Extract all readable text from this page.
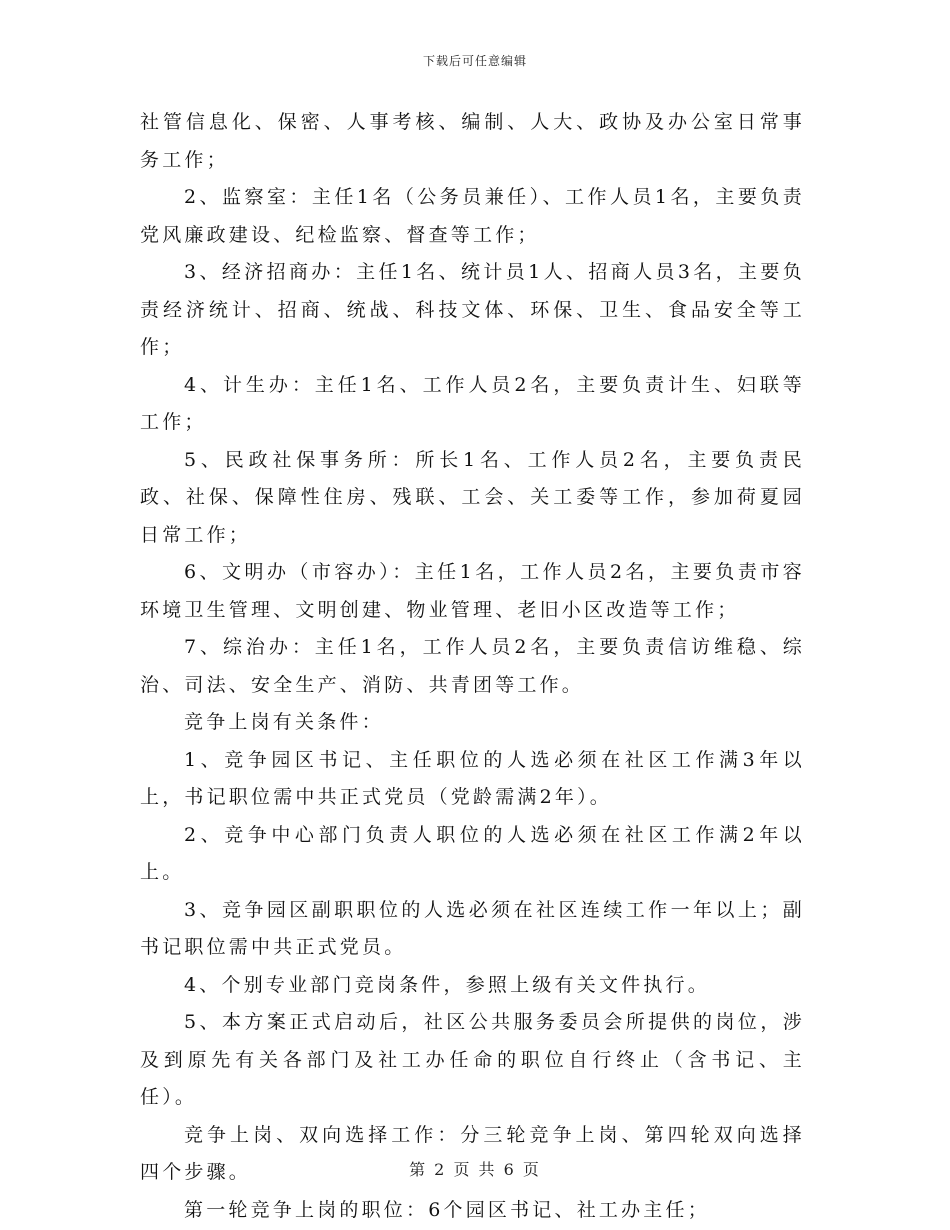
下载后可任意编辑

社管信息化、保密、人事考核、编制、人大、政协及办公室日常事务工作；

2、监察室：主任1名（公务员兼任）、工作人员1名，主要负责党风廉政建设、纪检监察、督查等工作；

3、经济招商办：主任1名、统计员1人、招商人员3名，主要负责经济统计、招商、统战、科技文体、环保、卫生、食品安全等工作；

4、计生办：主任1名、工作人员2名，主要负责计生、妇联等工作；

5、民政社保事务所：所长1名、工作人员2名，主要负责民政、社保、保障性住房、残联、工会、关工委等工作，参加荷夏园日常工作；

6、文明办（市容办）：主任1名，工作人员2名，主要负责市容环境卫生管理、文明创建、物业管理、老旧小区改造等工作；

7、综治办：主任1名，工作人员2名，主要负责信访维稳、综治、司法、安全生产、消防、共青团等工作。

竞争上岗有关条件：

1、竞争园区书记、主任职位的人选必须在社区工作满3年以上，书记职位需中共正式党员（党龄需满2年）。

2、竞争中心部门负责人职位的人选必须在社区工作满2年以上。

3、竞争园区副职职位的人选必须在社区连续工作一年以上；副书记职位需中共正式党员。

4、个别专业部门竞岗条件，参照上级有关文件执行。

5、本方案正式启动后，社区公共服务委员会所提供的岗位，涉及到原先有关各部门及社工办任命的职位自行终止（含书记、主任）。

竞争上岗、双向选择工作：分三轮竞争上岗、第四轮双向选择四个步骤。

第一轮竞争上岗的职位：6个园区书记、社工办主任；

第 2 页 共 6 页
